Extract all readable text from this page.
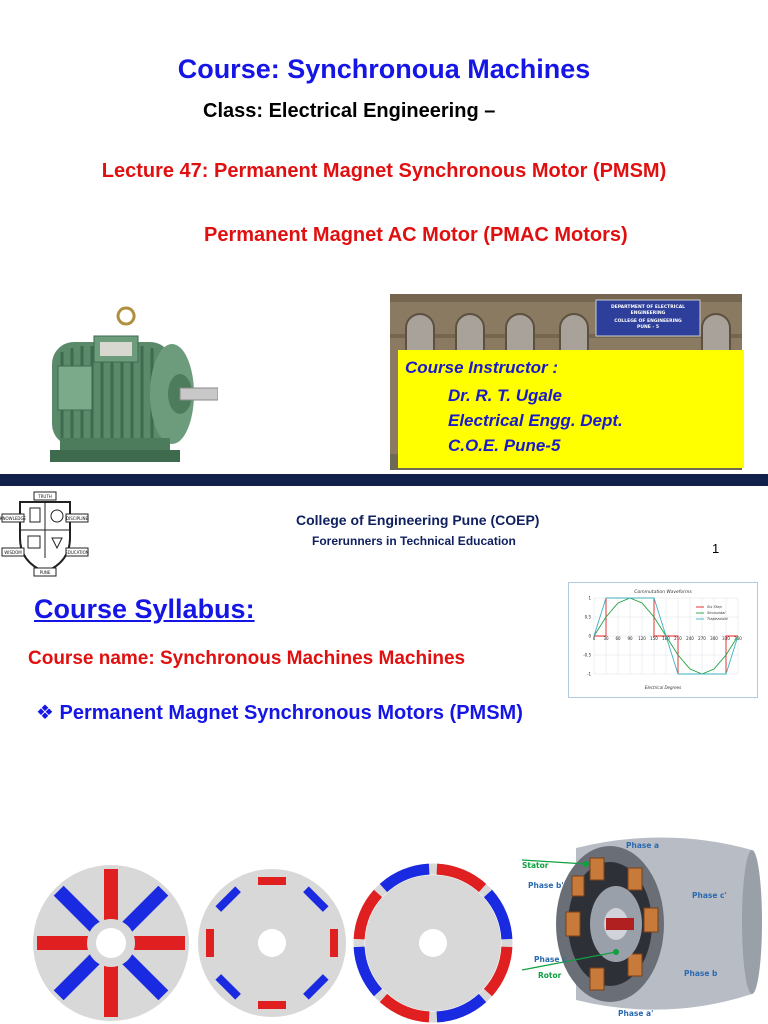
Course: Synchronoua Machines
Class: Electrical Engineering –
Lecture 47: Permanent Magnet Synchronous Motor (PMSM)
Permanent Magnet AC Motor (PMAC Motors)
DEPARTMENT OF ELECTRICAL
ENGINEERING
COLLEGE OF ENGINEERING
PUNE - 5
Course Instructor :
Dr. R. T. Ugale
Electrical Engg. Dept.
C.O.E. Pune-5
TRUTH
KNOWLEDGE	DISCIPLINE
WISDOM	EDUCATION
PUNE
College of Engineering Pune (COEP)
Forerunners in Technical Education	1
Course Syllabus:
Course name: Synchronous Machines Machines
❖ Permanent Magnet Synchronous Motors (PMSM)
Commutation Waveforms
0 30 60 90 120 150 180 210 240 270 300 330 360
1
0.5
0
-0.5
-1
Six Step
Sinusoidal
Trapezoidal
Electrical Degrees
Phase a
Stator
Phase b'
Phase c'
Phase c
Rotor	Phase b
Phase a'
